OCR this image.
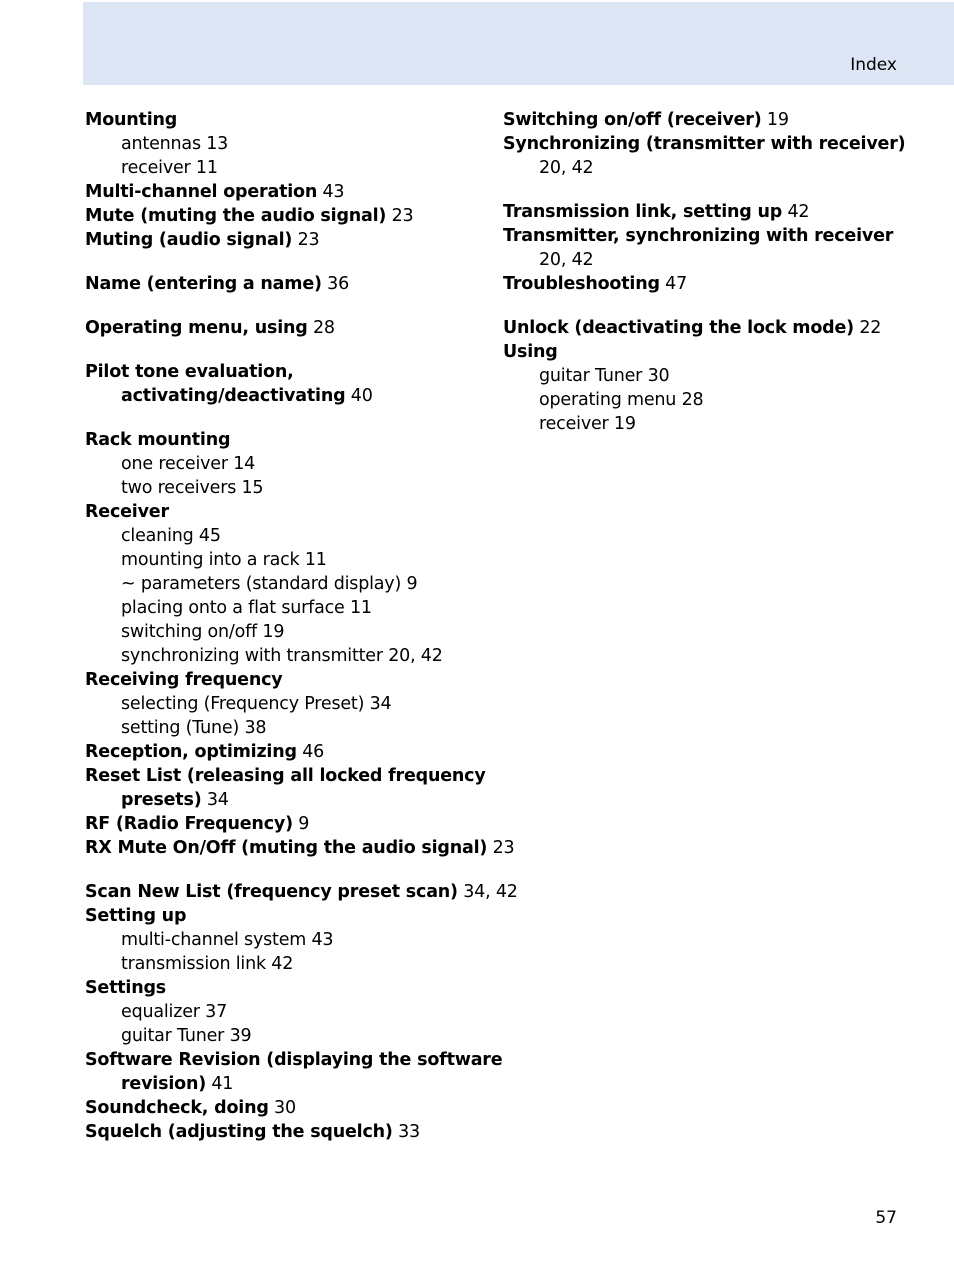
Index
Mounting
antennas 13
receiver 11
Multi-channel operation 43
Mute (muting the audio signal) 23
Muting (audio signal) 23
Name (entering a name) 36
Operating menu, using 28
Pilot tone evaluation,
activating/deactivating 40
Rack mounting
one receiver 14
two receivers 15
Receiver
cleaning 45
mounting into a rack 11
~ parameters (standard display) 9
placing onto a flat surface 11
switching on/off 19
synchronizing with transmitter 20, 42
Receiving frequency
selecting (Frequency Preset) 34
setting (Tune) 38
Reception, optimizing 46
Reset List (releasing all locked frequency
presets) 34
RF (Radio Frequency) 9
RX Mute On/Off (muting the audio signal) 23
Scan New List (frequency preset scan) 34, 42
Setting up
multi-channel system 43
transmission link 42
Settings
equalizer 37
guitar Tuner 39
Software Revision (displaying the software
revision) 41
Soundcheck, doing 30
Squelch (adjusting the squelch) 33
Switching on/off (receiver) 19
Synchronizing (transmitter with receiver)
20, 42
Transmission link, setting up 42
Transmitter, synchronizing with receiver
20, 42
Troubleshooting 47
Unlock (deactivating the lock mode) 22
Using
guitar Tuner 30
operating menu 28
receiver 19
57
